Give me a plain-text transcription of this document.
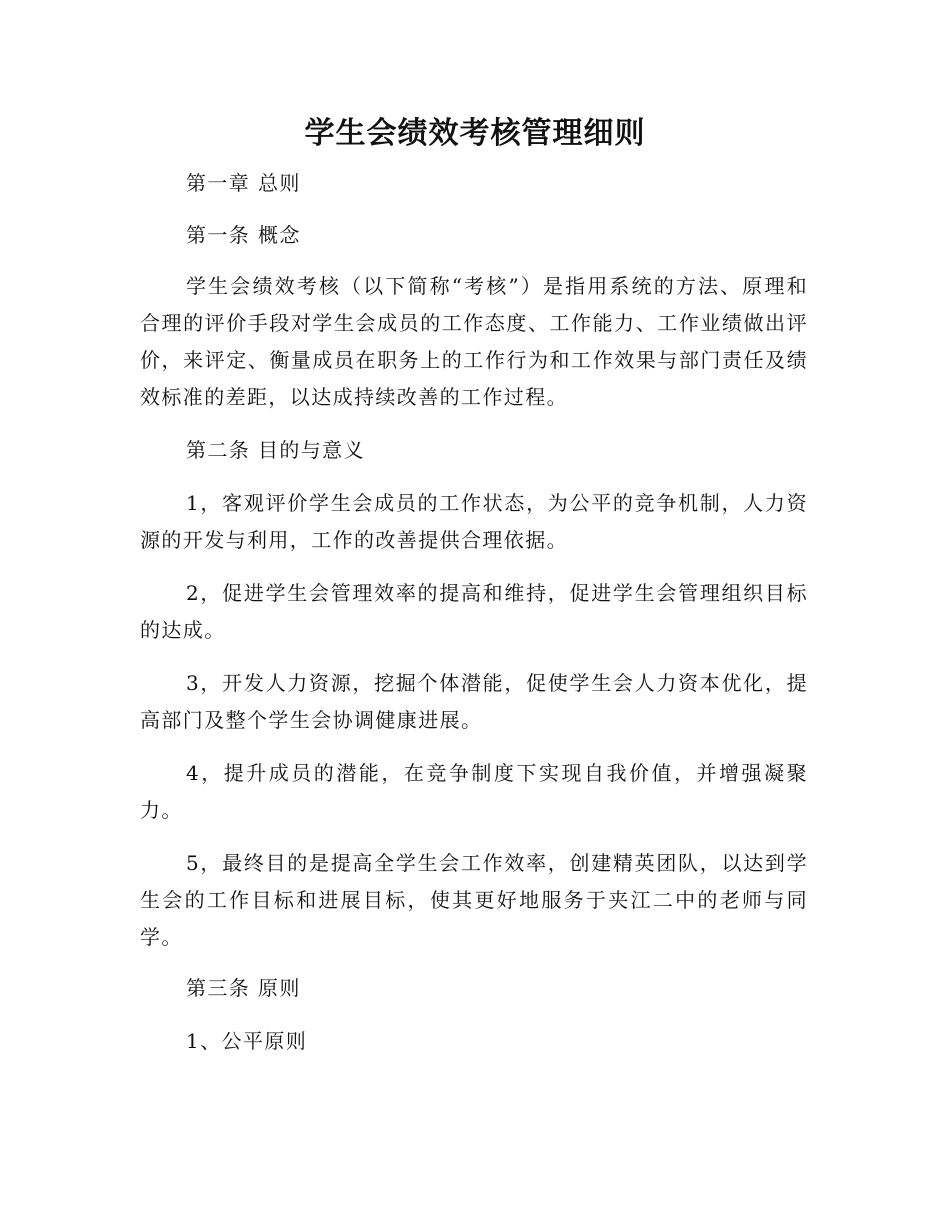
学生会绩效考核管理细则

第一章 总则

第一条 概念

学生会绩效考核（以下简称“考核”）是指用系统的方法、原理和合理的评价手段对学生会成员的工作态度、工作能力、工作业绩做出评价，来评定、衡量成员在职务上的工作行为和工作效果与部门责任及绩效标准的差距，以达成持续改善的工作过程。

第二条 目的与意义

1，客观评价学生会成员的工作状态，为公平的竞争机制，人力资源的开发与利用，工作的改善提供合理依据。

2，促进学生会管理效率的提高和维持，促进学生会管理组织目标的达成。

3，开发人力资源，挖掘个体潜能，促使学生会人力资本优化，提高部门及整个学生会协调健康进展。

4，提升成员的潜能，在竞争制度下实现自我价值，并增强凝聚力。

5，最终目的是提高全学生会工作效率，创建精英团队，以达到学生会的工作目标和进展目标，使其更好地服务于夹江二中的老师与同学。

第三条 原则

1、公平原则
